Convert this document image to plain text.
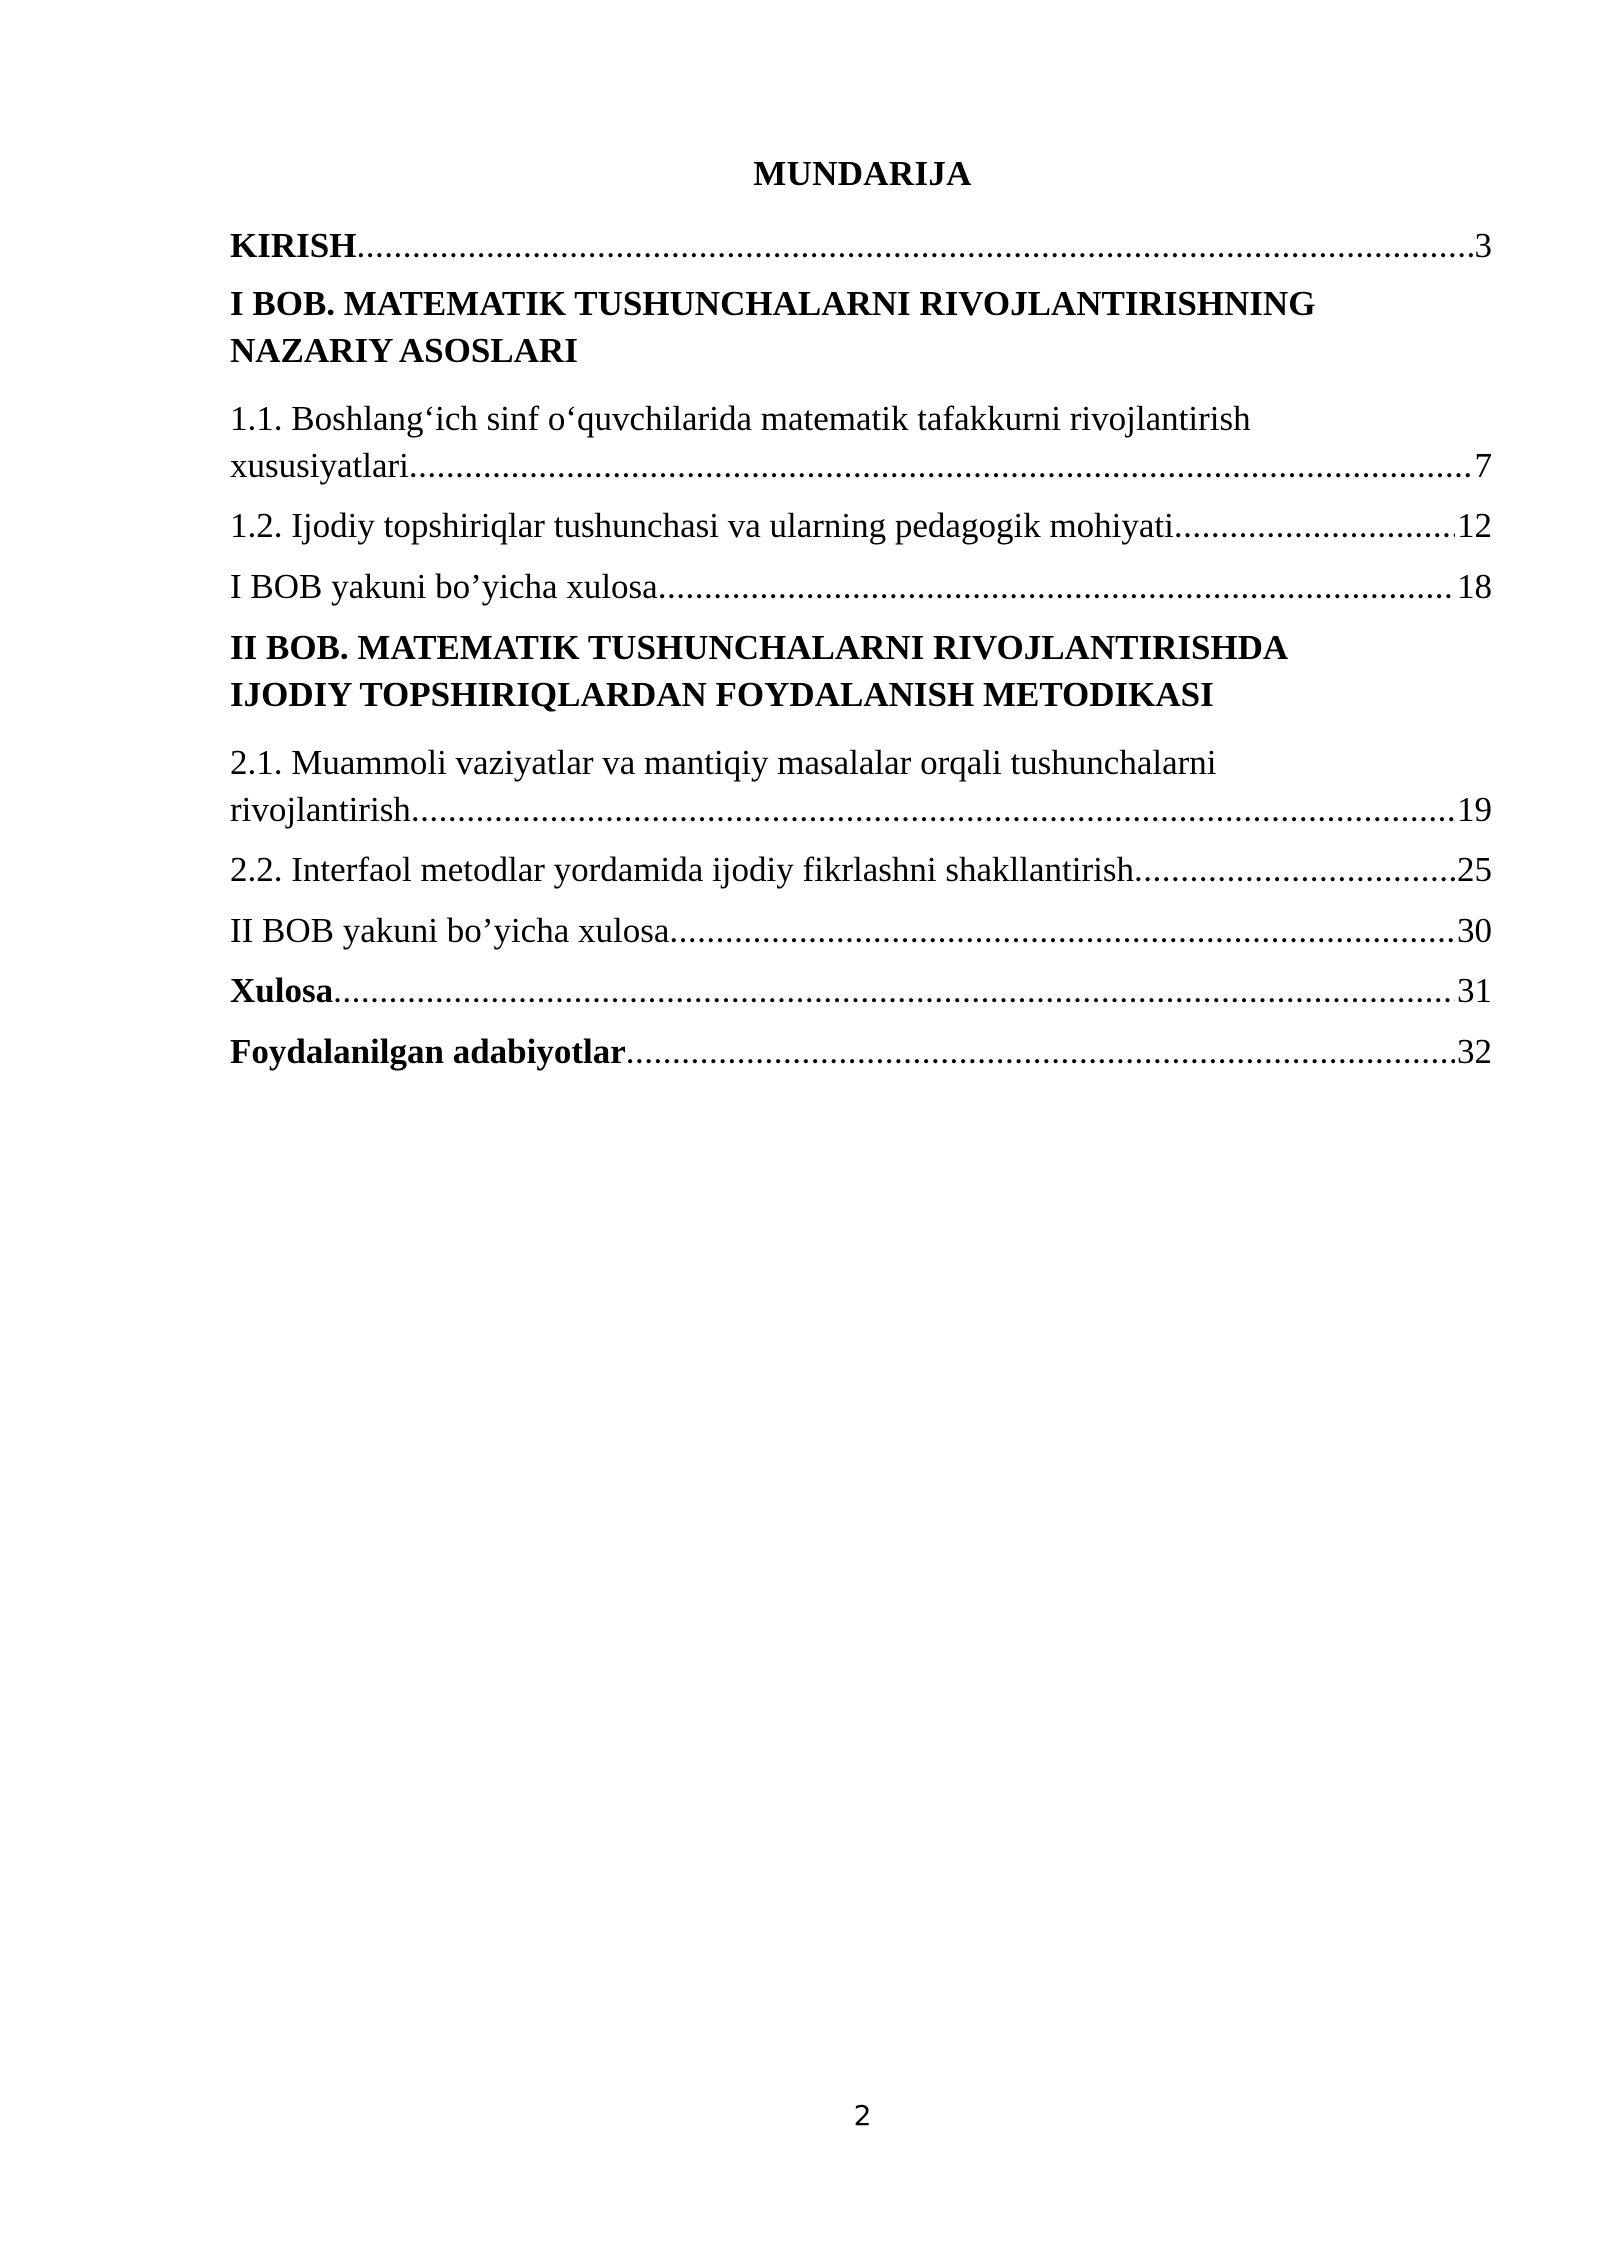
MUNDARIJA
KIRISH .....	3
I BOB. MATEMATIK TUSHUNCHALARNI RIVOJLANTIRISHNING
NAZARIY ASOSLARI
1.1. Boshlang‘ich sinf o‘quvchilarida matematik tafakkurni rivojlantirish
xususiyatlari .....	7
1.2. Ijodiy topshiriqlar tushunchasi va ularning pedagogik mohiyati .....	12
I BOB yakuni bo’yicha xulosa .....	18
II BOB. MATEMATIK TUSHUNCHALARNI RIVOJLANTIRISHDA
IJODIY TOPSHIRIQLARDAN FOYDALANISH METODIKASI
2.1. Muammoli vaziyatlar va mantiqiy masalalar orqali tushunchalarni
rivojlantirish .....	19
2.2. Interfaol metodlar yordamida ijodiy fikrlashni shakllantirish .....	25
II BOB yakuni bo’yicha xulosa .....	30
Xulosa .....	31
Foydalanilgan adabiyotlar .....	32
2
